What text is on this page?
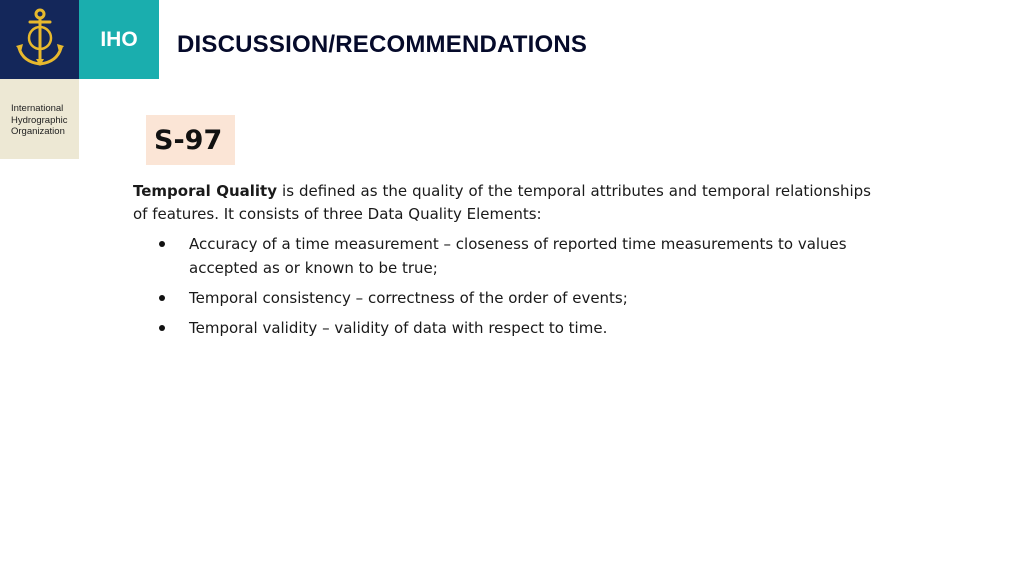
IHO
International
Hydrographic
Organization
DISCUSSION/RECOMMENDATIONS
S-97

Temporal Quality is defined as the quality of the temporal attributes and temporal relationships of features. It consists of three Data Quality Elements:

Accuracy of a time measurement – closeness of reported time measurements to values accepted as or known to be true;
Temporal consistency – correctness of the order of events;
Temporal validity – validity of data with respect to time.
